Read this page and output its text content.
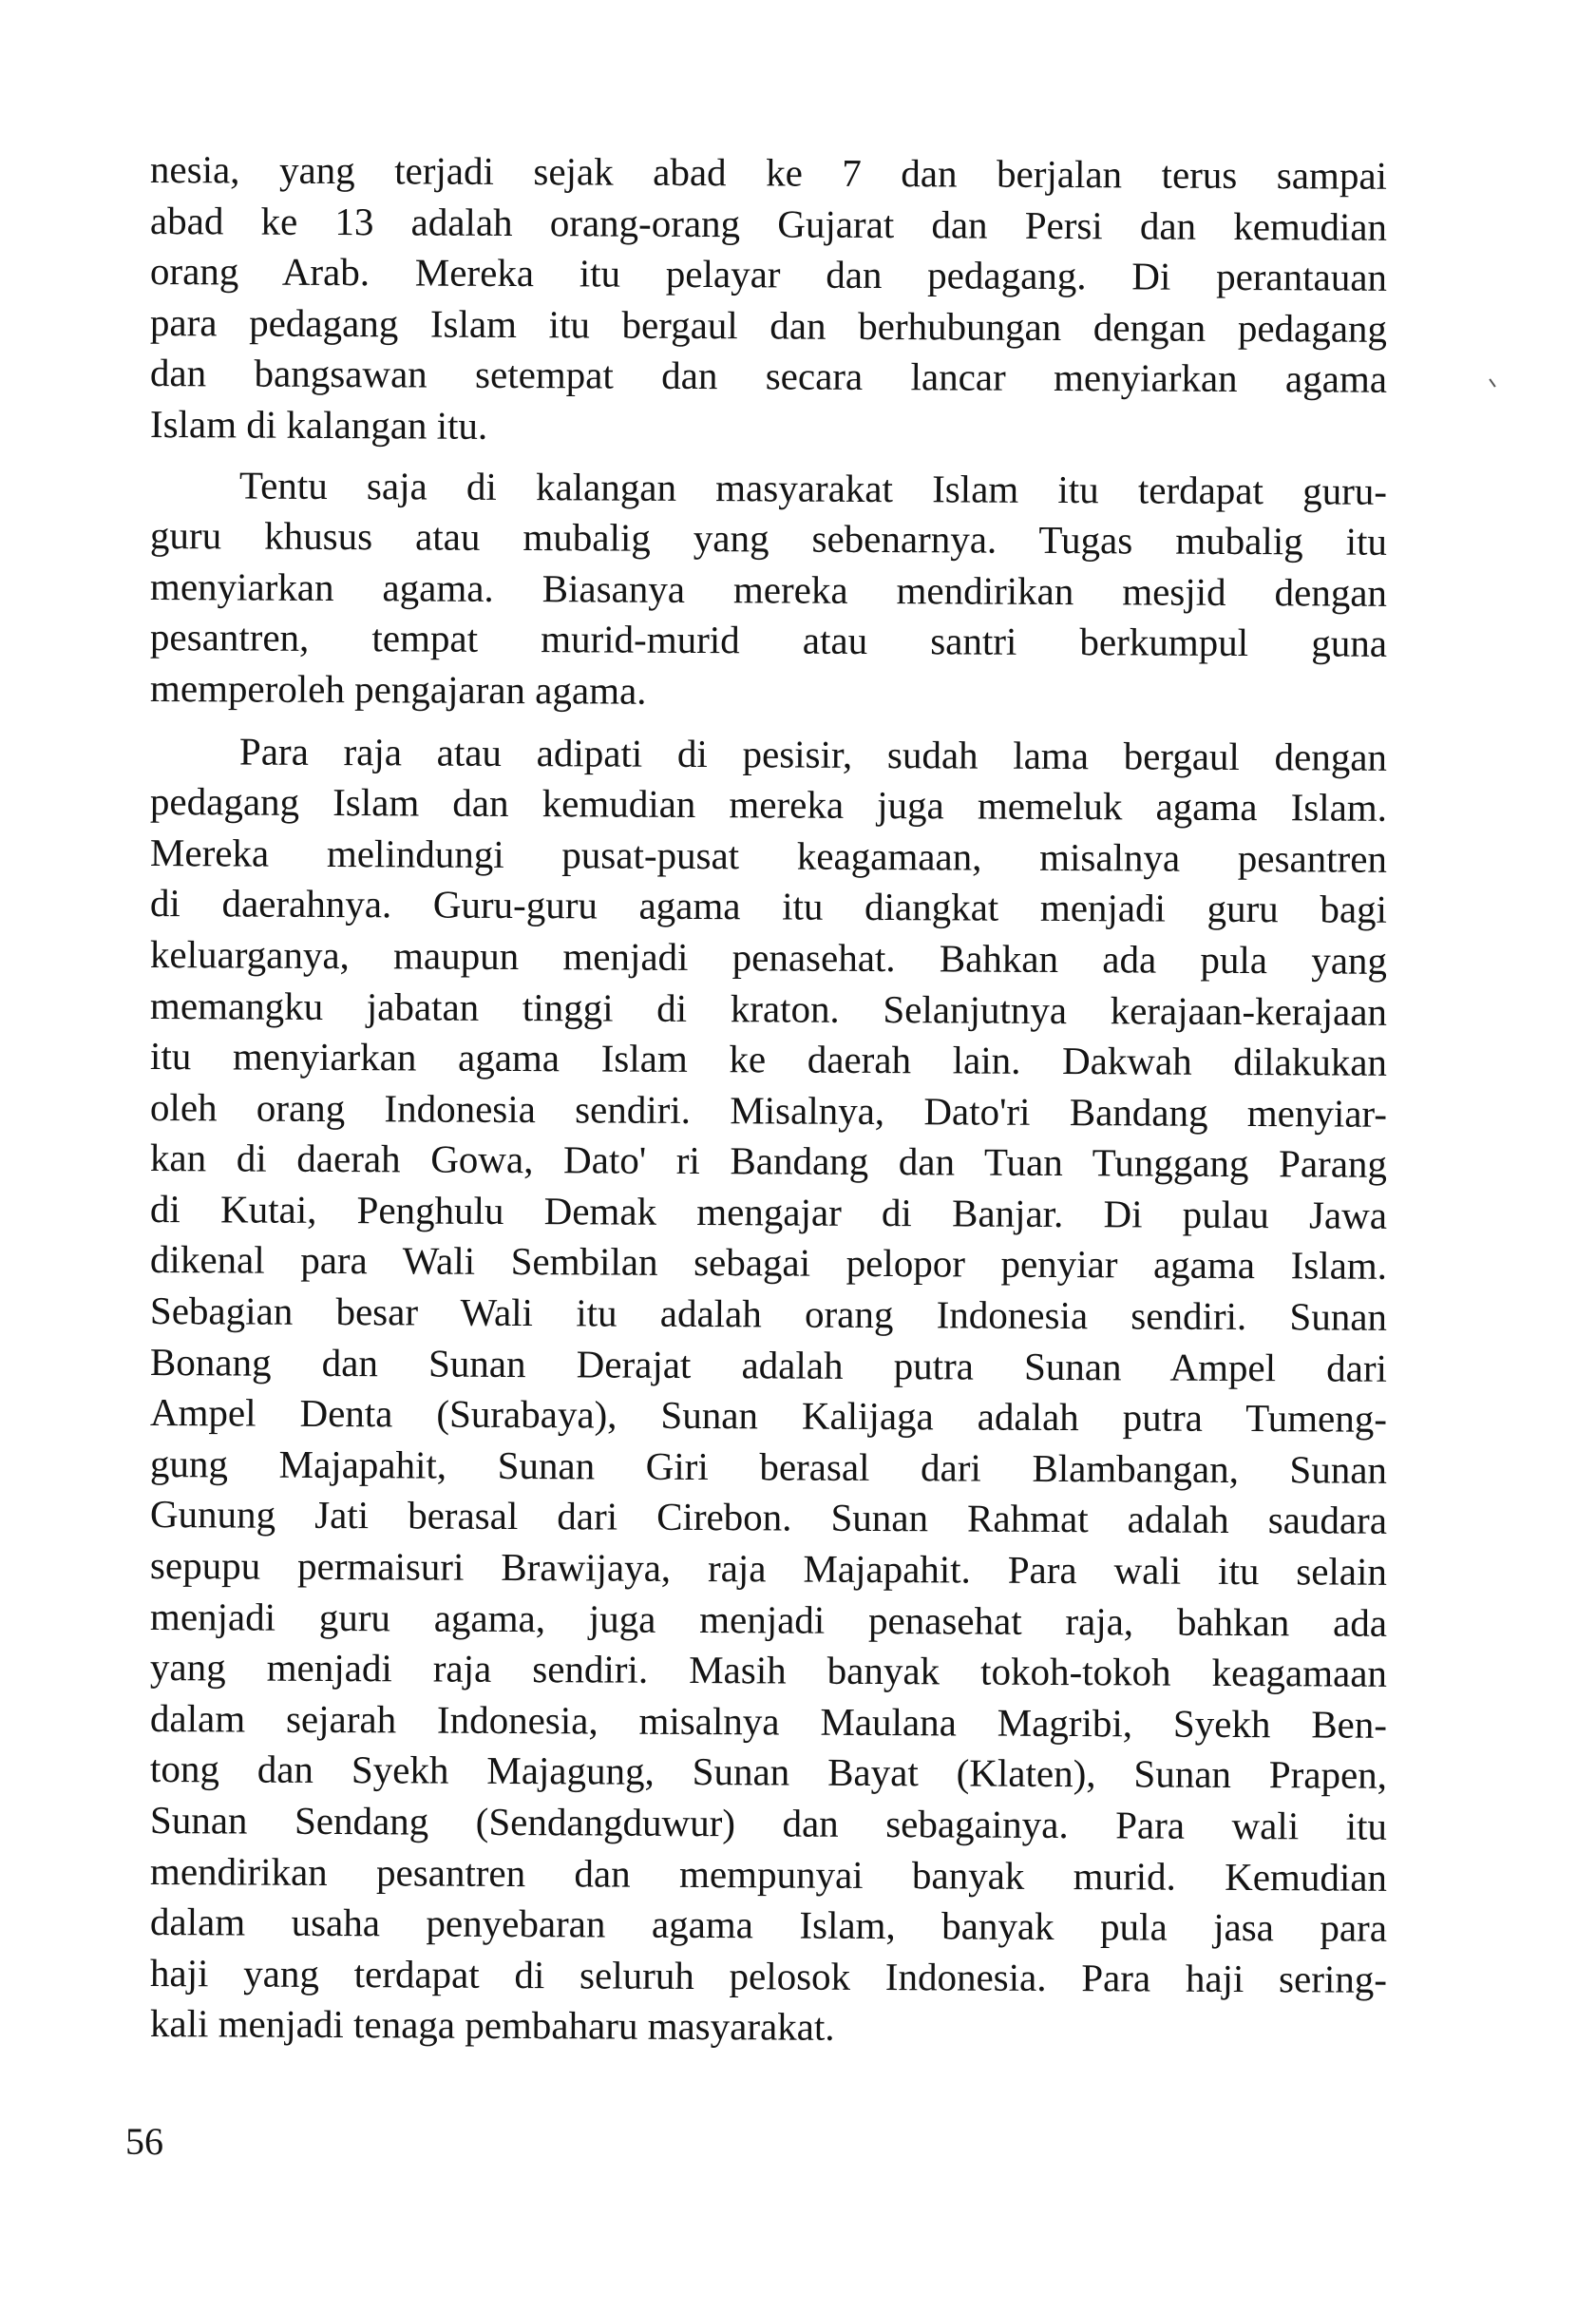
nesia, yang terjadi sejak abad ke 7 dan berjalan terus sampai
abad ke 13 adalah orang-orang Gujarat dan Persi dan kemudian
orang Arab. Mereka itu pelayar dan pedagang. Di perantauan
para pedagang Islam itu bergaul dan berhubungan dengan pedagang
dan bangsawan setempat dan secara lancar menyiarkan agama
Islam di kalangan itu.
Tentu saja di kalangan masyarakat Islam itu terdapat guru-
guru khusus atau mubalig yang sebenarnya. Tugas mubalig itu
menyiarkan agama. Biasanya mereka mendirikan mesjid dengan
pesantren, tempat murid-murid atau santri berkumpul guna
memperoleh pengajaran agama.
Para raja atau adipati di pesisir, sudah lama bergaul dengan
pedagang Islam dan kemudian mereka juga memeluk agama Islam.
Mereka melindungi pusat-pusat keagamaan, misalnya pesantren
di daerahnya. Guru-guru agama itu diangkat menjadi guru bagi
keluarganya, maupun menjadi penasehat. Bahkan ada pula yang
memangku jabatan tinggi di kraton. Selanjutnya kerajaan-kerajaan
itu menyiarkan agama Islam ke daerah lain. Dakwah dilakukan
oleh orang Indonesia sendiri. Misalnya, Dato'ri Bandang menyiar-
kan di daerah Gowa, Dato' ri Bandang dan Tuan Tunggang Parang
di Kutai, Penghulu Demak mengajar di Banjar. Di pulau Jawa
dikenal para Wali Sembilan sebagai pelopor penyiar agama Islam.
Sebagian besar Wali itu adalah orang Indonesia sendiri. Sunan
Bonang dan Sunan Derajat adalah putra Sunan Ampel dari
Ampel Denta (Surabaya), Sunan Kalijaga adalah putra Tumeng-
gung Majapahit, Sunan Giri berasal dari Blambangan, Sunan
Gunung Jati berasal dari Cirebon. Sunan Rahmat adalah saudara
sepupu permaisuri Brawijaya, raja Majapahit. Para wali itu selain
menjadi guru agama, juga menjadi penasehat raja, bahkan ada
yang menjadi raja sendiri. Masih banyak tokoh-tokoh keagamaan
dalam sejarah Indonesia, misalnya Maulana Magribi, Syekh Ben-
tong dan Syekh Majagung, Sunan Bayat (Klaten), Sunan Prapen,
Sunan Sendang (Sendangduwur) dan sebagainya. Para wali itu
mendirikan pesantren dan mempunyai banyak murid. Kemudian
dalam usaha penyebaran agama Islam, banyak pula jasa para
haji yang terdapat di seluruh pelosok Indonesia. Para haji sering-
kali menjadi tenaga pembaharu masyarakat.
56
